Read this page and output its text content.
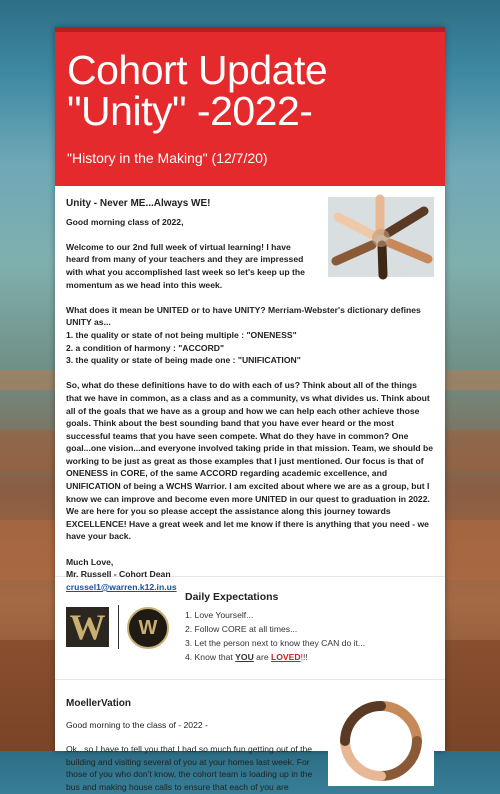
Cohort Update "Unity" -2022-
"History in the Making" (12/7/20)
Unity - Never ME...Always WE!

Good morning class of 2022,

Welcome to our 2nd full week of virtual learning! I have heard from many of your teachers and they are impressed with what you accomplished last week so let's keep up the momentum as we head into this week.

What does it mean be UNITED or to have UNITY? Merriam-Webster's dictionary defines UNITY as...

1. the quality or state of not being multiple : "ONENESS"
2. a condition of harmony : "ACCORD"

3. the quality or state of being made one : "UNIFICATION"

So, what do these definitions have to do with each of us? Think about all of the things that we have in common, as a class and as a community, vs what divides us. Think about all of the goals that we have as a group and how we can help each other achieve those goals. Think about the best sounding band that you have ever heard or the most successful teams that you have seen compete. What do they have in common? One goal...one vision...and everyone involved taking pride in that mission. Team, we should be working to be just as great as those examples that I just mentioned. Our focus is that of ONENESS in CORE, of the same ACCORD regarding academic excellence, and UNIFICATION of being a WCHS Warrior. I am excited about where we are as a group, but I know we can improve and become even more UNITED in our quest to graduation in 2022. We are here for you so please accept the assistance along this journey towards EXCELLENCE! Have a great week and let me know if there is anything that you need - we have your back.

Much Love,
Mr. Russell - Cohort Dean
crussel1@warren.k12.in.us
W	W
Daily Expectations
1. Love Yourself...
2. Follow CORE at all times...
3. Let the person next to know they CAN do it...
4. Know that YOU are LOVED!!!
MoellerVation
Good morning to the class of - 2022 -
Ok...so I have to tell you that I had so much fun getting out of the building and visiting several of you at your homes last week. For those of you who don't know, the cohort team is loading up in the bus and making house calls to ensure that each of you are
